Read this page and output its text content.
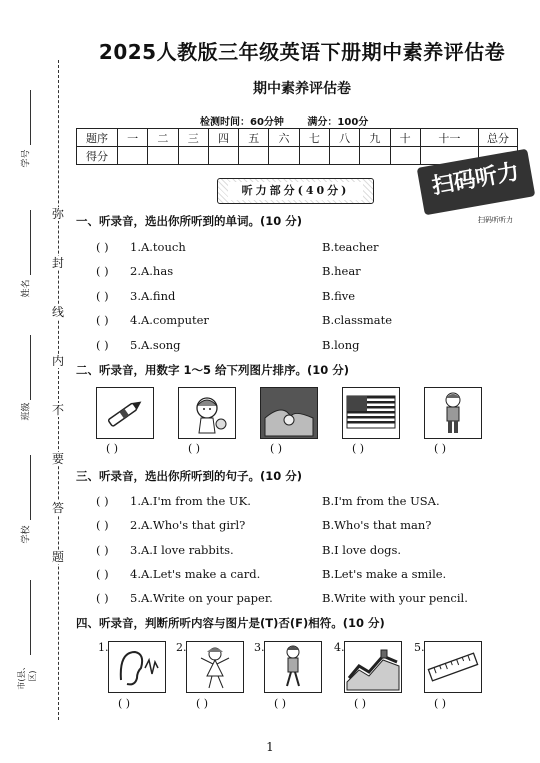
弥
封
线
内
不
要
答
题
学号
姓名
班级
学校
市(县、区)
2025人教版三年级英语下册期中素养评估卷
期中素养评估卷
检测时间：60分钟 满分：100分
题序	一	二	三	四	五	六	七	八	九	十	十一	总分
得分												
扫码听力
扫码听听力
听力部分(40分)
一、听录音，选出你所听到的单词。(10 分)
( ) 1.A.touch	B.teacher
( ) 2.A.has	B.hear
( ) 3.A.find	B.five
( ) 4.A.computer	B.classmate
( ) 5.A.song	B.long
二、听录音，用数字 1～5 给下列图片排序。(10 分)
( )	( )	( )	( )	( )
三、听录音，选出你所听到的句子。(10 分)
( ) 1.A.I'm from the UK.	B.I'm from the USA.
( ) 2.A.Who's that girl?	B.Who's that man?
( ) 3.A.I love rabbits.	B.I love dogs.
( ) 4.A.Let's make a card.	B.Let's make a smile.
( ) 5.A.Write on your paper.	B.Write with your pencil.
四、听录音，判断所听内容与图片是(T)否(F)相符。(10 分)
1.	2.	3.	4.	5.
( )	( )	( )	( )	( )
1
